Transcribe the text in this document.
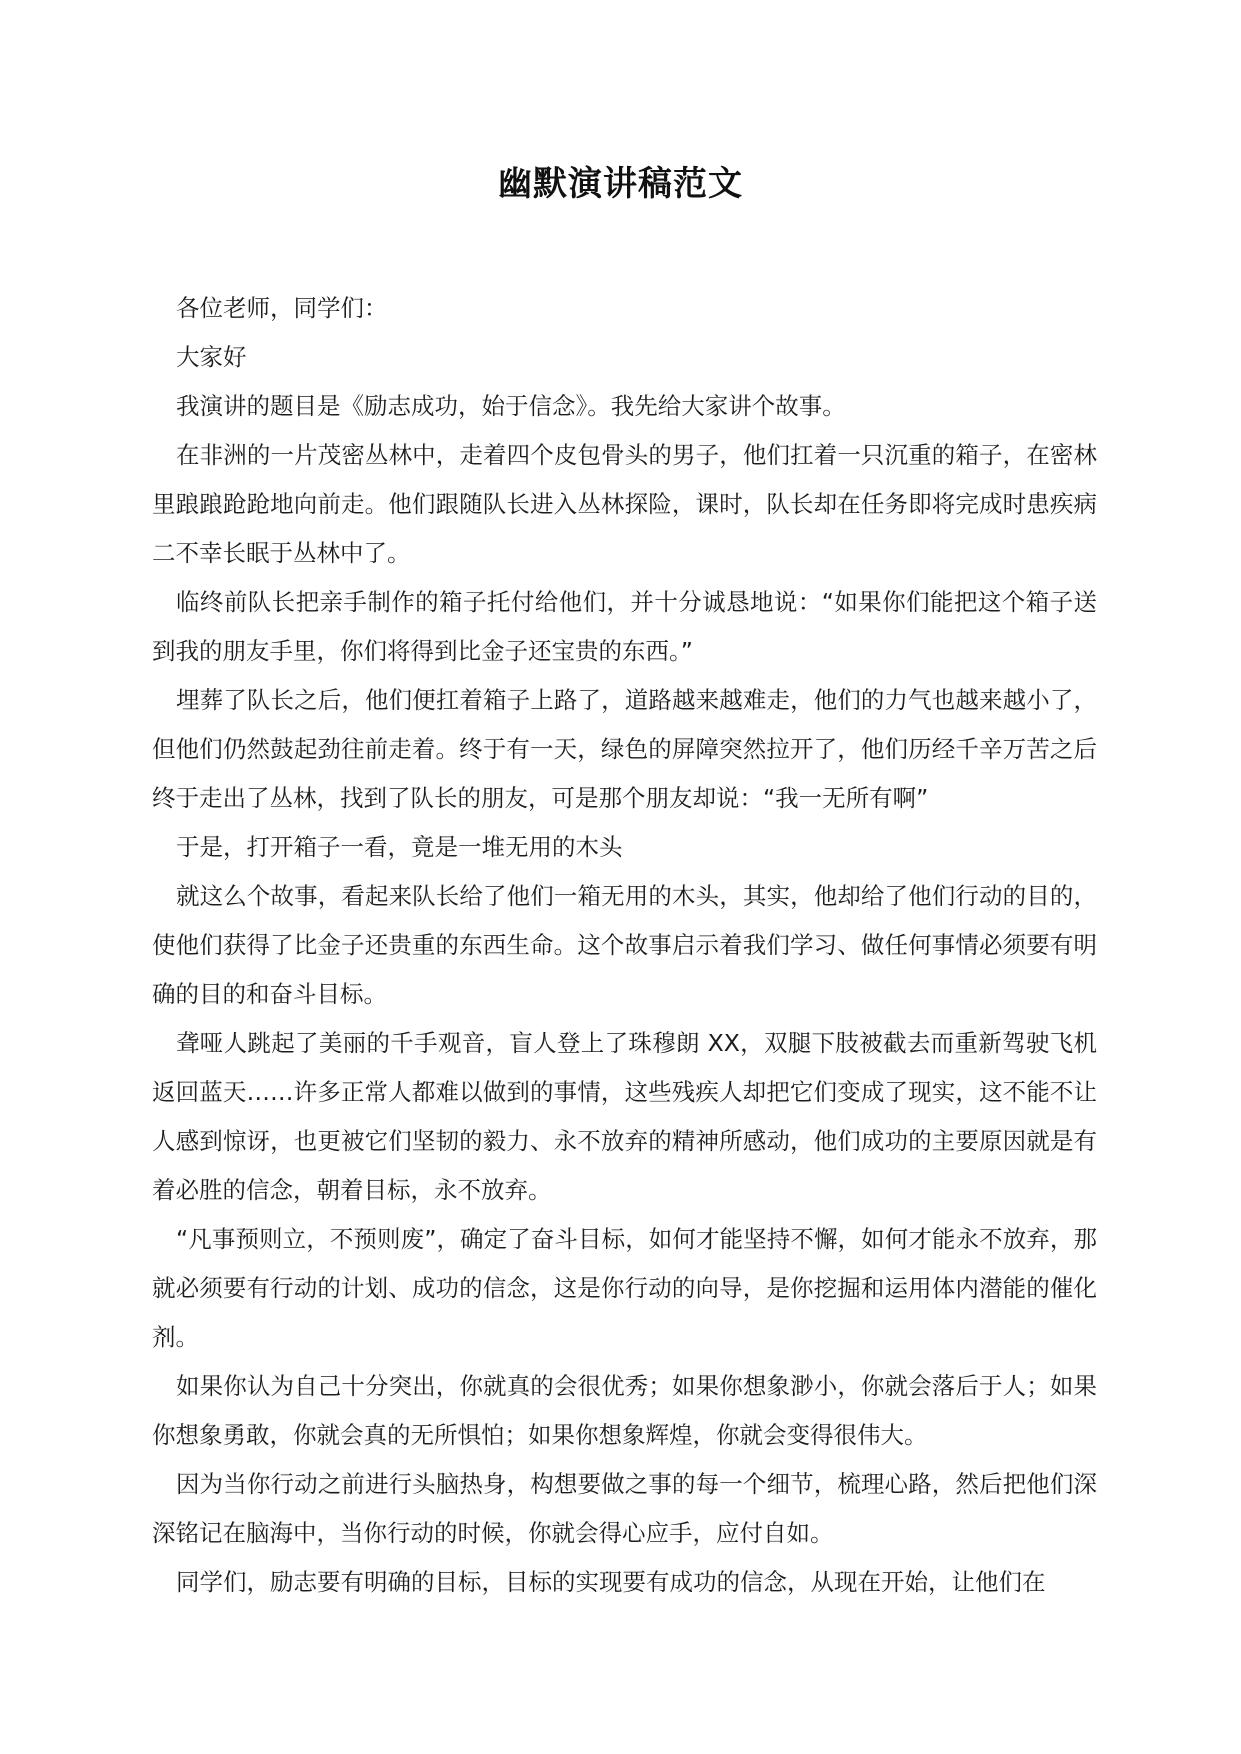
幽默演讲稿范文

各位老师，同学们：

大家好

我演讲的题目是《励志成功，始于信念》。我先给大家讲个故事。

在非洲的一片茂密丛林中，走着四个皮包骨头的男子，他们扛着一只沉重的箱子，在密林里踉踉跄跄地向前走。他们跟随队长进入丛林探险，课时，队长却在任务即将完成时患疾病二不幸长眠于丛林中了。

临终前队长把亲手制作的箱子托付给他们，并十分诚恳地说：“如果你们能把这个箱子送到我的朋友手里，你们将得到比金子还宝贵的东西。”

埋葬了队长之后，他们便扛着箱子上路了，道路越来越难走，他们的力气也越来越小了，但他们仍然鼓起劲往前走着。终于有一天，绿色的屏障突然拉开了，他们历经千辛万苦之后终于走出了丛林，找到了队长的朋友，可是那个朋友却说：“我一无所有啊”

于是，打开箱子一看，竟是一堆无用的木头

就这么个故事，看起来队长给了他们一箱无用的木头，其实，他却给了他们行动的目的，使他们获得了比金子还贵重的东西生命。这个故事启示着我们学习、做任何事情必须要有明确的目的和奋斗目标。

聋哑人跳起了美丽的千手观音，盲人登上了珠穆朗 XX，双腿下肢被截去而重新驾驶飞机返回蓝天……许多正常人都难以做到的事情，这些残疾人却把它们变成了现实，这不能不让人感到惊讶，也更被它们坚韧的毅力、永不放弃的精神所感动，他们成功的主要原因就是有着必胜的信念，朝着目标，永不放弃。

“凡事预则立，不预则废”，确定了奋斗目标，如何才能坚持不懈，如何才能永不放弃，那就必须要有行动的计划、成功的信念，这是你行动的向导，是你挖掘和运用体内潜能的催化剂。

如果你认为自己十分突出，你就真的会很优秀；如果你想象渺小，你就会落后于人；如果你想象勇敢，你就会真的无所惧怕；如果你想象辉煌，你就会变得很伟大。

因为当你行动之前进行头脑热身，构想要做之事的每一个细节，梳理心路，然后把他们深深铭记在脑海中，当你行动的时候，你就会得心应手，应付自如。

同学们，励志要有明确的目标，目标的实现要有成功的信念，从现在开始，让他们在
